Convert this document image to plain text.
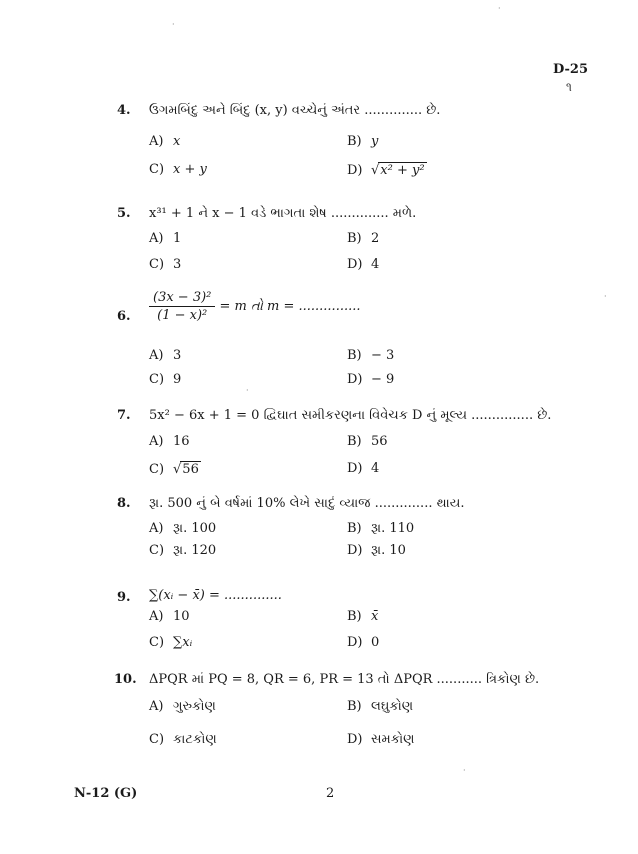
D-25
૧
4. ઉગમબિંદુ અને બિંદુ (x, y) વચ્ચેનું અંતર .............. છે.
A) x	B) y
C) x + y	D) √x² + y²
5. x³¹ + 1 ને x − 1 વડે ભાગતા શેષ .............. મળે.
A) 1	B) 2
C) 3	D) 4
6. $\frac{\text{(3x − 3)²}}{\text{(1 − x)²}} = m$ તો m = ...............
A) 3	B) − 3
C) 9	D) − 9
7. 5x² − 6x + 1 = 0 દ્વિઘાત સમીકરણના વિવેચક D નું મૂલ્ય ............... છે.
A) 16	B) 56
C) √56	D) 4
8. રૂા. 500 નું બે વર્ષમાં 10% લેખે સાદું વ્યાજ .............. થાય.
A) રૂા. 100	B) રૂા. 110
C) રૂા. 120	D) રૂા. 10
9. ∑(xᵢ − x̄) = ..............
A) 10	B) x̄
C) ∑xᵢ	D) 0
10. ΔPQR માં PQ = 8, QR = 6, PR = 13 તો ΔPQR ........... ત્રિકોણ છે.
A) ગુરુકોણ	B) લઘુકોણ
C) કાટકોણ	D) સમકોણ
N-12 (G)	2
·
·
·
·
·
